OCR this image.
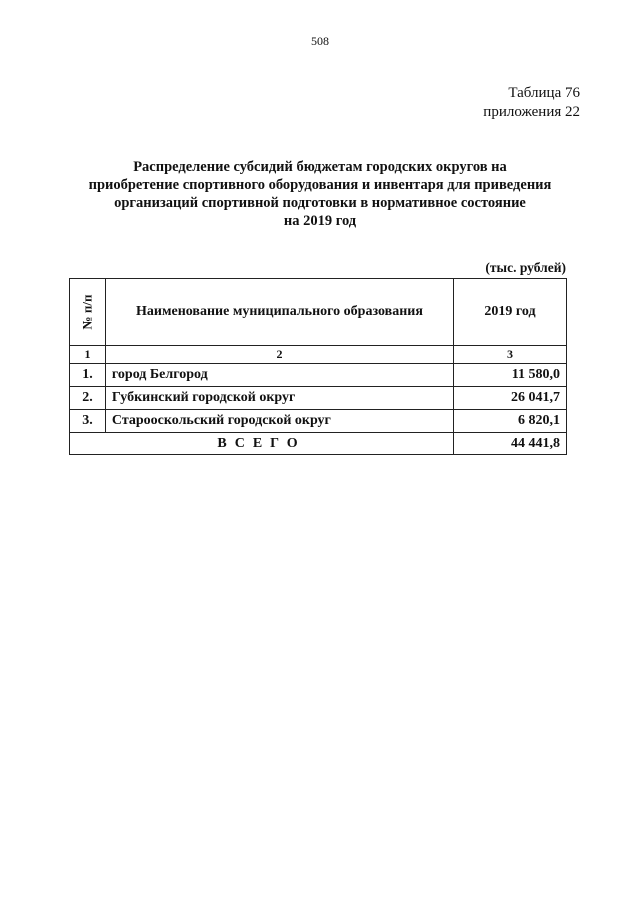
508
Таблица 76
приложения 22
Распределение субсидий бюджетам городских округов на
приобретение спортивного оборудования и инвентаря для приведения
организаций спортивной подготовки в нормативное состояние
на 2019 год
(тыс. рублей)
№ п/п	Наименование муниципального образования	2019 год
1	2	3
1.	город Белгород	11 580,0
2.	Губкинский городской округ	26 041,7
3.	Старооскольский городской округ	6 820,1
ВСЕГО		44 441,8
